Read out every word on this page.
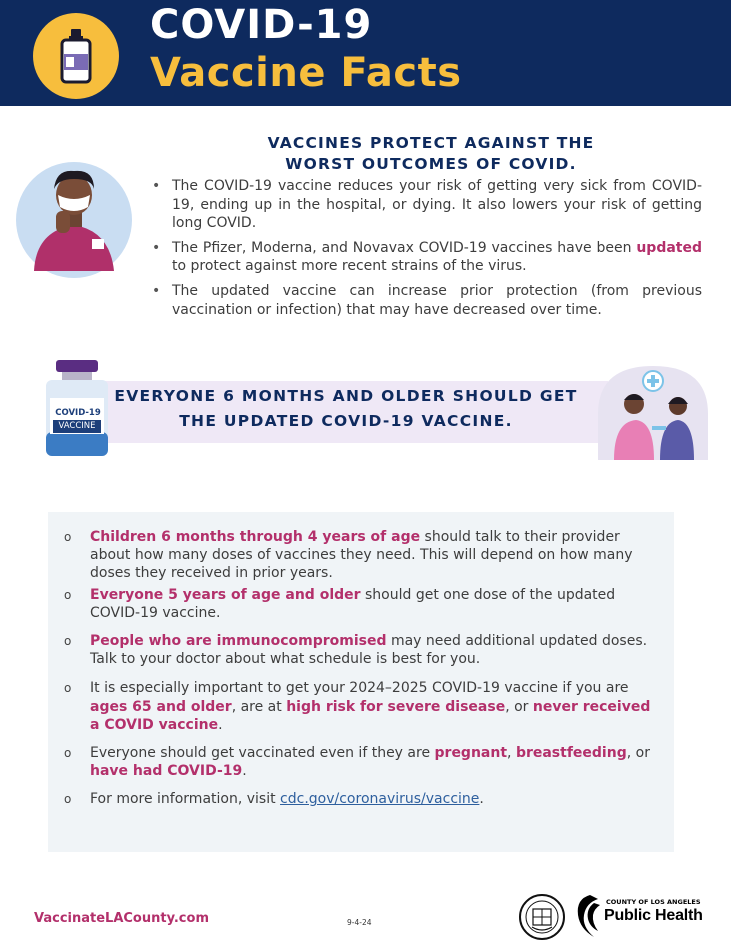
COVID-19
Vaccine Facts
VACCINES PROTECT AGAINST THE
WORST OUTCOMES OF COVID.
• The COVID-19 vaccine reduces your risk of getting very sick from COVID-19, ending up in the hospital, or dying. It also lowers your risk of getting long COVID.
• The Pfizer, Moderna, and Novavax COVID-19 vaccines have been updated to protect against more recent strains of the virus.
• The updated vaccine can increase prior protection (from previous vaccination or infection) that may have decreased over time.
COVID-19
VACCINE
EVERYONE 6 MONTHS AND OLDER SHOULD GET
THE UPDATED COVID-19 VACCINE.
o Children 6 months through 4 years of age should talk to their provider about how many doses of vaccines they need. This will depend on how many doses they received in prior years.
o Everyone 5 years of age and older should get one dose of the updated COVID-19 vaccine.
o People who are immunocompromised may need additional updated doses. Talk to your doctor about what schedule is best for you.
o It is especially important to get your 2024–2025 COVID-19 vaccine if you are ages 65 and older, are at high risk for severe disease, or never received a COVID vaccine.
o Everyone should get vaccinated even if they are pregnant, breastfeeding, or have had COVID-19.
o For more information, visit cdc.gov/coronavirus/vaccine.
VaccinateLACounty.com	9-4-24
COUNTY OF LOS ANGELES
Public Health
